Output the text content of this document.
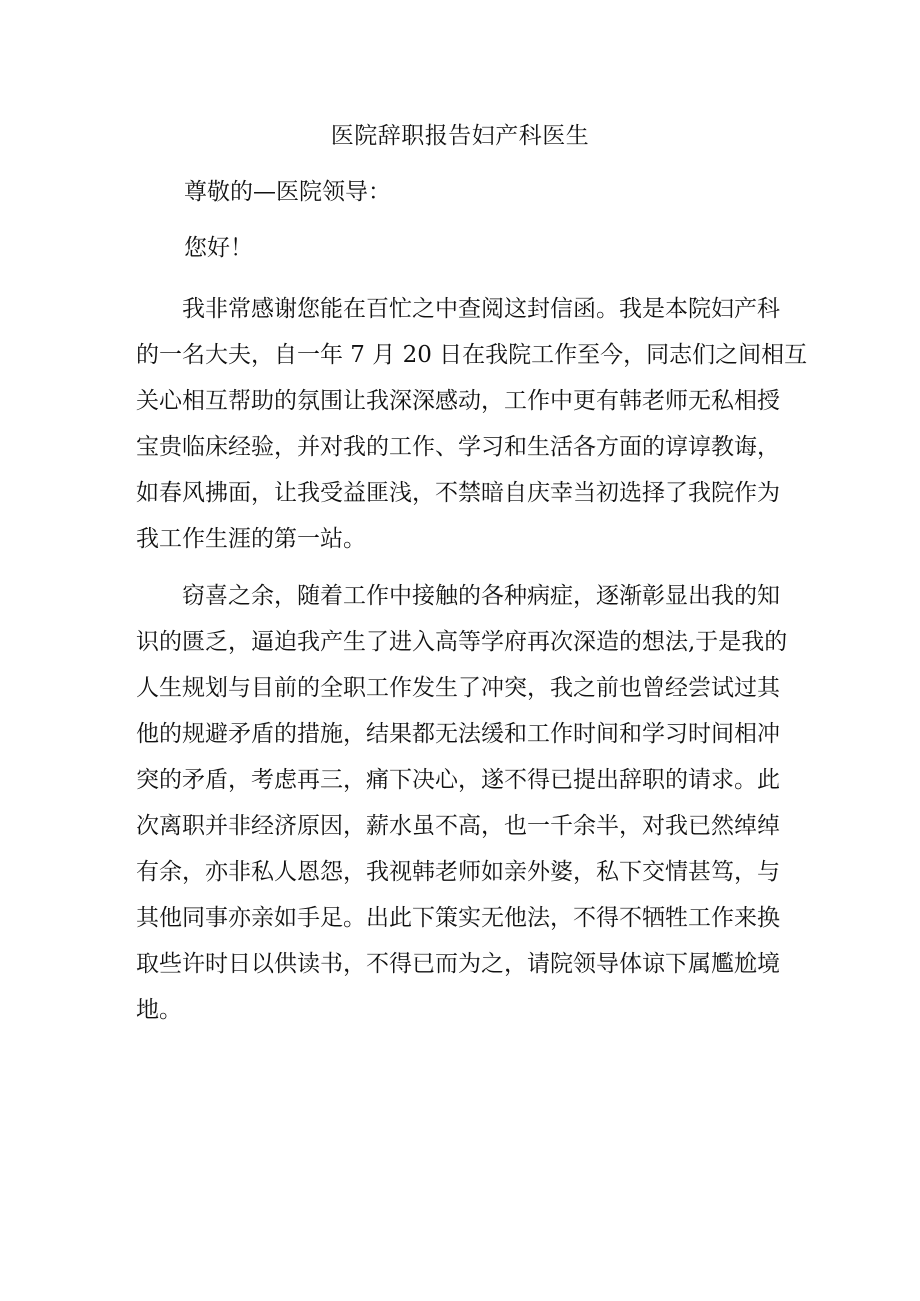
医院辞职报告妇产科医生
尊敬的—医院领导：
您好！
我非常感谢您能在百忙之中查阅这封信函。我是本院妇产科
的一名大夫，自一年 7 月 20 日在我院工作至今，同志们之间相互
关心相互帮助的氛围让我深深感动，工作中更有韩老师无私相授
宝贵临床经验，并对我的工作、学习和生活各方面的谆谆教诲，
如春风拂面，让我受益匪浅，不禁暗自庆幸当初选择了我院作为
我工作生涯的第一站。
窃喜之余，随着工作中接触的各种病症，逐渐彰显出我的知
识的匮乏，逼迫我产生了进入高等学府再次深造的想法,于是我的
人生规划与目前的全职工作发生了冲突，我之前也曾经尝试过其
他的规避矛盾的措施，结果都无法缓和工作时间和学习时间相冲
突的矛盾，考虑再三，痛下决心，遂不得已提出辞职的请求。此
次离职并非经济原因，薪水虽不高，也一千余半，对我已然绰绰
有余，亦非私人恩怨，我视韩老师如亲外婆，私下交情甚笃，与
其他同事亦亲如手足。出此下策实无他法，不得不牺牲工作来换
取些许时日以供读书，不得已而为之，请院领导体谅下属尷尬境
地。
